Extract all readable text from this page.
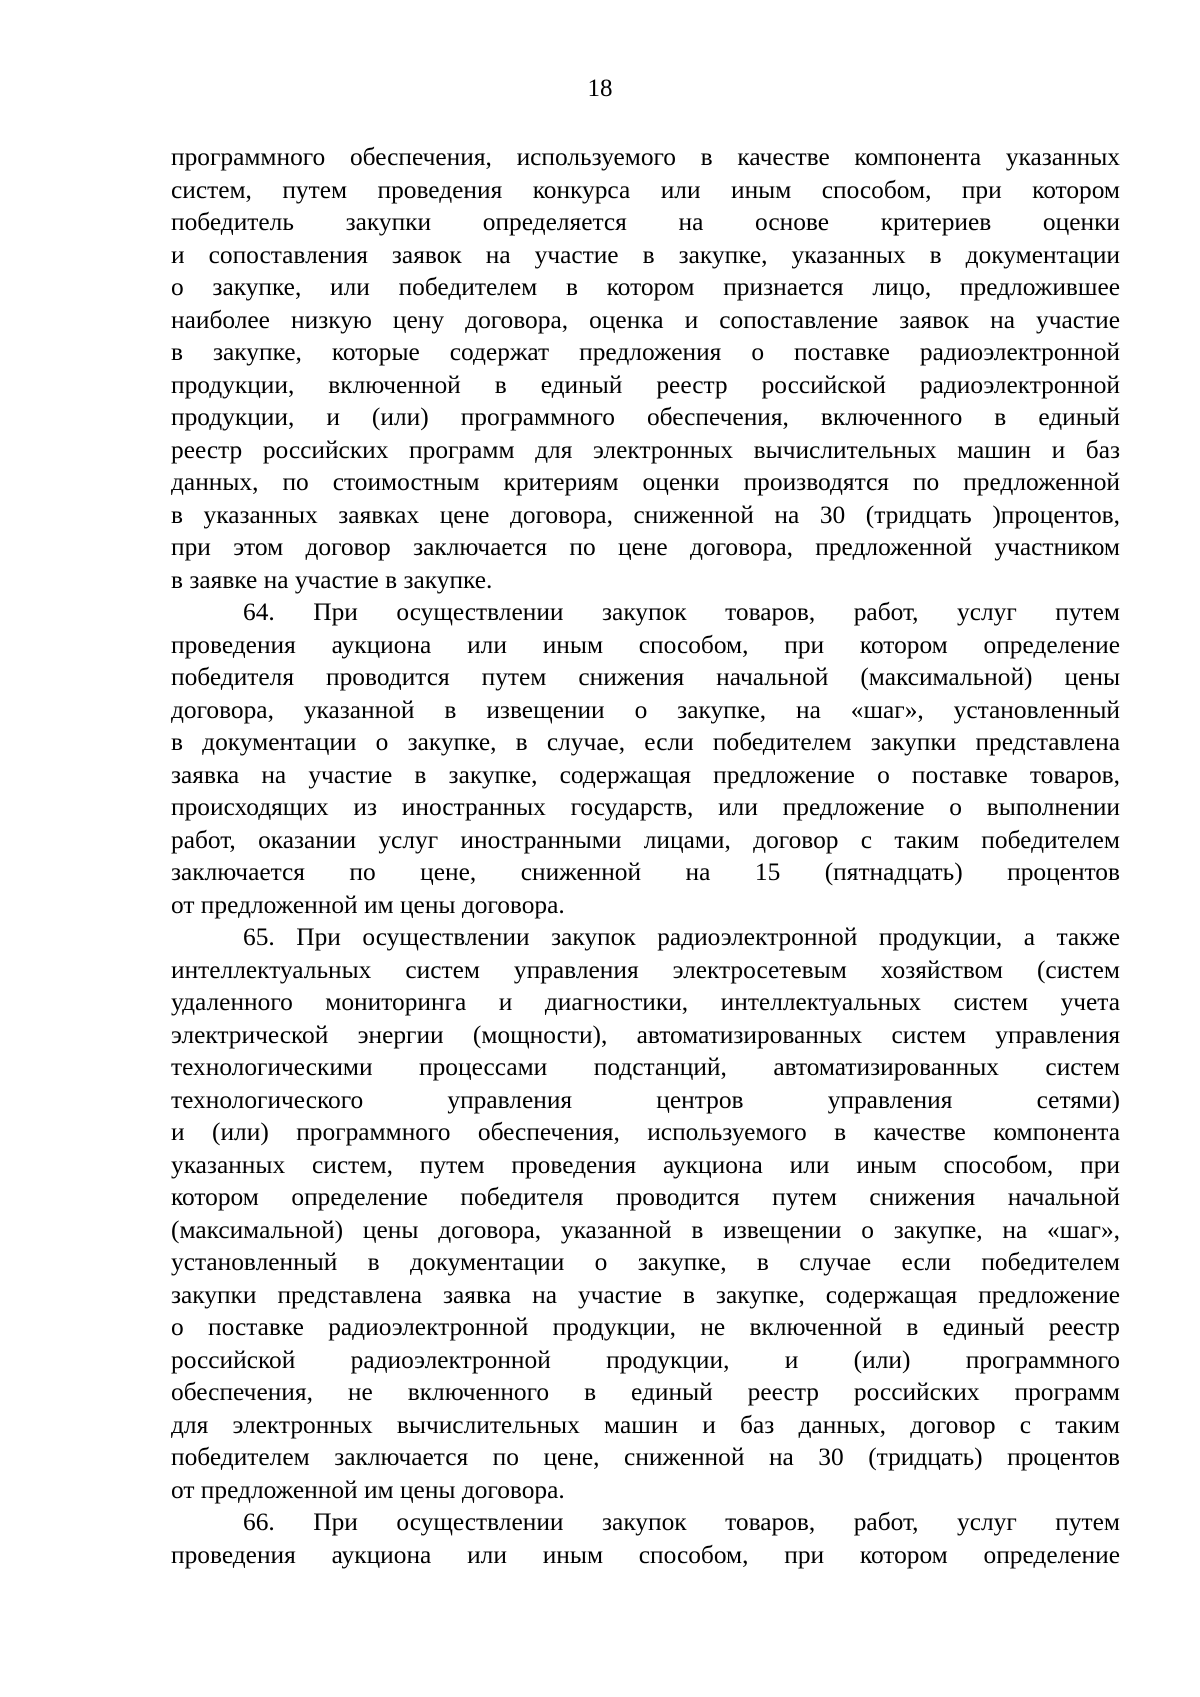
18
программного обеспечения, используемого в качестве компонента указанных
систем, путем проведения конкурса или иным способом, при котором
победитель закупки определяется на основе критериев оценки
и сопоставления заявок на участие в закупке, указанных в документации
о закупке, или победителем в котором признается лицо, предложившее
наиболее низкую цену договора, оценка и сопоставление заявок на участие
в закупке, которые содержат предложения о поставке радиоэлектронной
продукции, включенной в единый реестр российской радиоэлектронной
продукции, и (или) программного обеспечения, включенного в единый
реестр российских программ для электронных вычислительных машин и баз
данных, по стоимостным критериям оценки производятся по предложенной
в указанных заявках цене договора, сниженной на 30 (тридцать )процентов,
при этом договор заключается по цене договора, предложенной участником
в заявке на участие в закупке.
64. При осуществлении закупок товаров, работ, услуг путем
проведения аукциона или иным способом, при котором определение
победителя проводится путем снижения начальной (максимальной) цены
договора, указанной в извещении о закупке, на «шаг», установленный
в документации о закупке, в случае, если победителем закупки представлена
заявка на участие в закупке, содержащая предложение о поставке товаров,
происходящих из иностранных государств, или предложение о выполнении
работ, оказании услуг иностранными лицами, договор с таким победителем
заключается по цене, сниженной на 15 (пятнадцать) процентов
от предложенной им цены договора.
65. При осуществлении закупок радиоэлектронной продукции, а также
интеллектуальных систем управления электросетевым хозяйством (систем
удаленного мониторинга и диагностики, интеллектуальных систем учета
электрической энергии (мощности), автоматизированных систем управления
технологическими процессами подстанций, автоматизированных систем
технологического управления центров управления сетями)
и (или) программного обеспечения, используемого в качестве компонента
указанных систем, путем проведения аукциона или иным способом, при
котором определение победителя проводится путем снижения начальной
(максимальной) цены договора, указанной в извещении о закупке, на «шаг»,
установленный в документации о закупке, в случае если победителем
закупки представлена заявка на участие в закупке, содержащая предложение
о поставке радиоэлектронной продукции, не включенной в единый реестр
российской радиоэлектронной продукции, и (или) программного
обеспечения, не включенного в единый реестр российских программ
для электронных вычислительных машин и баз данных, договор с таким
победителем заключается по цене, сниженной на 30 (тридцать) процентов
от предложенной им цены договора.
66. При осуществлении закупок товаров, работ, услуг путем
проведения аукциона или иным способом, при котором определение
